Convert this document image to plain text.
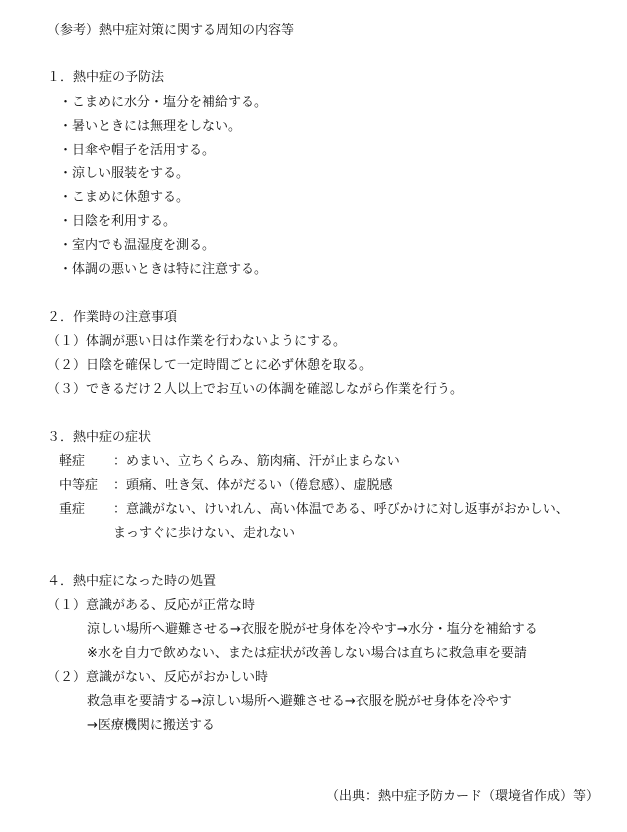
（参考）熱中症対策に関する周知の内容等
１．熱中症の予防法
・こまめに水分・塩分を補給する。
・暑いときには無理をしない。
・日傘や帽子を活用する。
・涼しい服装をする。
・こまめに休憩する。
・日陰を利用する。
・室内でも温湿度を測る。
・体調の悪いときは特に注意する。
２．作業時の注意事項
（１）体調が悪い日は作業を行わないようにする。
（２）日陰を確保して一定時間ごとに必ず休憩を取る。
（３）できるだけ２人以上でお互いの体調を確認しながら作業を行う。
３．熱中症の症状
軽症 ：めまい、立ちくらみ、筋肉痛、汗が止まらない
中等症 ：頭痛、吐き気、体がだるい（倦怠感）、虚脱感
重症 ：意識がない、けいれん、高い体温である、呼びかけに対し返事がおかしい、
まっすぐに歩けない、走れない
４．熱中症になった時の処置
（１）意識がある、反応が正常な時
涼しい場所へ避難させる→衣服を脱がせ身体を冷やす→水分・塩分を補給する
※水を自力で飲めない、または症状が改善しない場合は直ちに救急車を要請
（２）意識がない、反応がおかしい時
救急車を要請する→涼しい場所へ避難させる→衣服を脱がせ身体を冷やす
→医療機関に搬送する
（出典：熱中症予防カード（環境省作成）等）
